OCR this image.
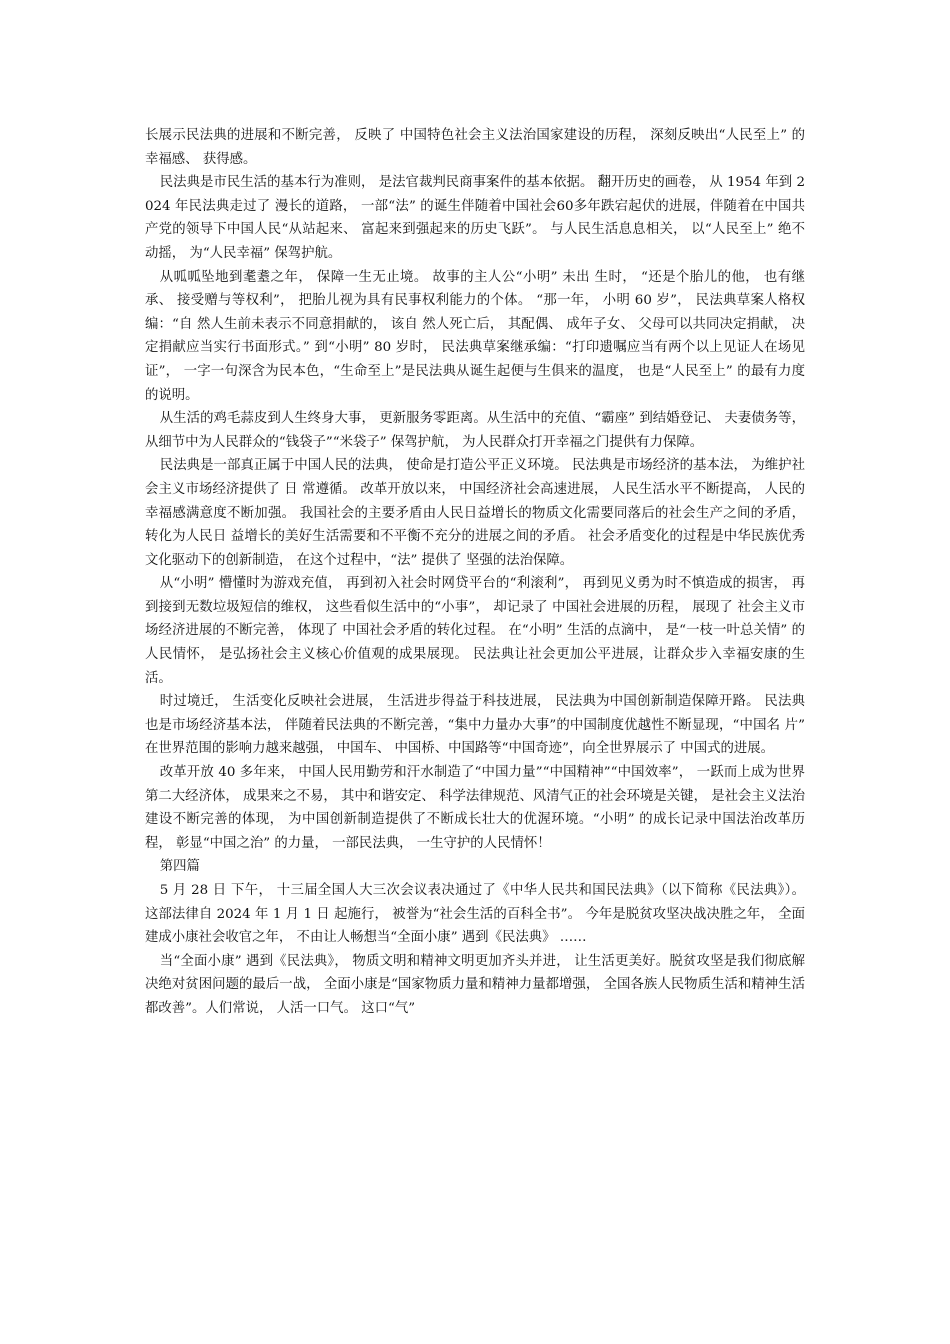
长展示民法典的进展和不断完善， 反映了 中国特色社会主义法治国家建设的历程， 深刻反映出“人民至上” 的幸福感、 获得感。

民法典是市民生活的基本行为准则， 是法官裁判民商事案件的基本依据。 翻开历史的画卷， 从 1954 年到 2024 年民法典走过了 漫长的道路， 一部“法” 的诞生伴随着中国社会60多年跌宕起伏的进展，伴随着在中国共产党的领导下中国人民“从站起来、 富起来到强起来的历史飞跃”。 与人民生活息息相关， 以“人民至上” 绝不动摇， 为“人民幸福” 保驾护航。

从呱呱坠地到耄耋之年， 保障一生无止境。 故事的主人公“小明” 未出 生时， “还是个胎儿的他， 也有继承、 接受赠与等权利”， 把胎儿视为具有民事权利能力的个体。 “那一年， 小明 60 岁”， 民法典草案人格权编：“自 然人生前未表示不同意捐献的， 该自 然人死亡后， 其配偶、 成年子女、 父母可以共同决定捐献， 决定捐献应当实行书面形式。” 到“小明” 80 岁时， 民法典草案继承编：“打印遗嘱应当有两个以上见证人在场见证”， 一字一句深含为民本色，“生命至上”是民法典从诞生起便与生俱来的温度， 也是“人民至上” 的最有力度的说明。

从生活的鸡毛蒜皮到人生终身大事， 更新服务零距离。从生活中的充值、“霸座” 到结婚登记、 夫妻债务等， 从细节中为人民群众的“钱袋子”“米袋子” 保驾护航， 为人民群众打开幸福之门提供有力保障。

民法典是一部真正属于中国人民的法典， 使命是打造公平正义环境。 民法典是市场经济的基本法， 为维护社会主义市场经济提供了 日 常遵循。 改革开放以来， 中国经济社会高速进展， 人民生活水平不断提高， 人民的幸福感满意度不断加强。 我国社会的主要矛盾由人民日益增长的物质文化需要同落后的社会生产之间的矛盾， 转化为人民日 益增长的美好生活需要和不平衡不充分的进展之间的矛盾。 社会矛盾变化的过程是中华民族优秀文化驱动下的创新制造， 在这个过程中，“法” 提供了 坚强的法治保障。

从“小明” 懵懂时为游戏充值， 再到初入社会时网贷平台的“利滚利”， 再到见义勇为时不慎造成的损害， 再到接到无数垃圾短信的维权， 这些看似生活中的“小事”， 却记录了 中国社会进展的历程， 展现了 社会主义市场经济进展的不断完善， 体现了 中国社会矛盾的转化过程。 在“小明” 生活的点滴中， 是“一枝一叶总关情” 的人民情怀， 是弘扬社会主义核心价值观的成果展现。 民法典让社会更加公平进展，让群众步入幸福安康的生活。

时过境迁， 生活变化反映社会进展， 生活进步得益于科技进展， 民法典为中国创新制造保障开路。 民法典也是市场经济基本法， 伴随着民法典的不断完善，“集中力量办大事”的中国制度优越性不断显现，“中国名 片” 在世界范围的影响力越来越强， 中国车、 中国桥、中国路等“中国奇迹”，向全世界展示了 中国式的进展。

改革开放 40 多年来， 中国人民用勤劳和汗水制造了“中国力量”“中国精神”“中国效率”， 一跃而上成为世界第二大经济体， 成果来之不易， 其中和谐安定、 科学法律规范、风清气正的社会环境是关键， 是社会主义法治建设不断完善的体现， 为中国创新制造提供了不断成长壮大的优渥环境。“小明” 的成长记录中国法治改革历程， 彰显“中国之治” 的力量， 一部民法典， 一生守护的人民情怀！

第四篇

5 月 28 日 下午， 十三届全国人大三次会议表决通过了《中华人民共和国民法典》（以下简称《民法典》）。 这部法律自 2024 年 1 月 1 日 起施行， 被誉为“社会生活的百科全书”。 今年是脱贫攻坚决战决胜之年， 全面建成小康社会收官之年， 不由让人畅想当“全面小康” 遇到《民法典》 ……

当“全面小康” 遇到《民法典》， 物质文明和精神文明更加齐头并进， 让生活更美好。脱贫攻坚是我们彻底解决绝对贫困问题的最后一战， 全面小康是“国家物质力量和精神力量都增强， 全国各族人民物质生活和精神生活都改善”。人们常说， 人活一口气。 这口“气”
